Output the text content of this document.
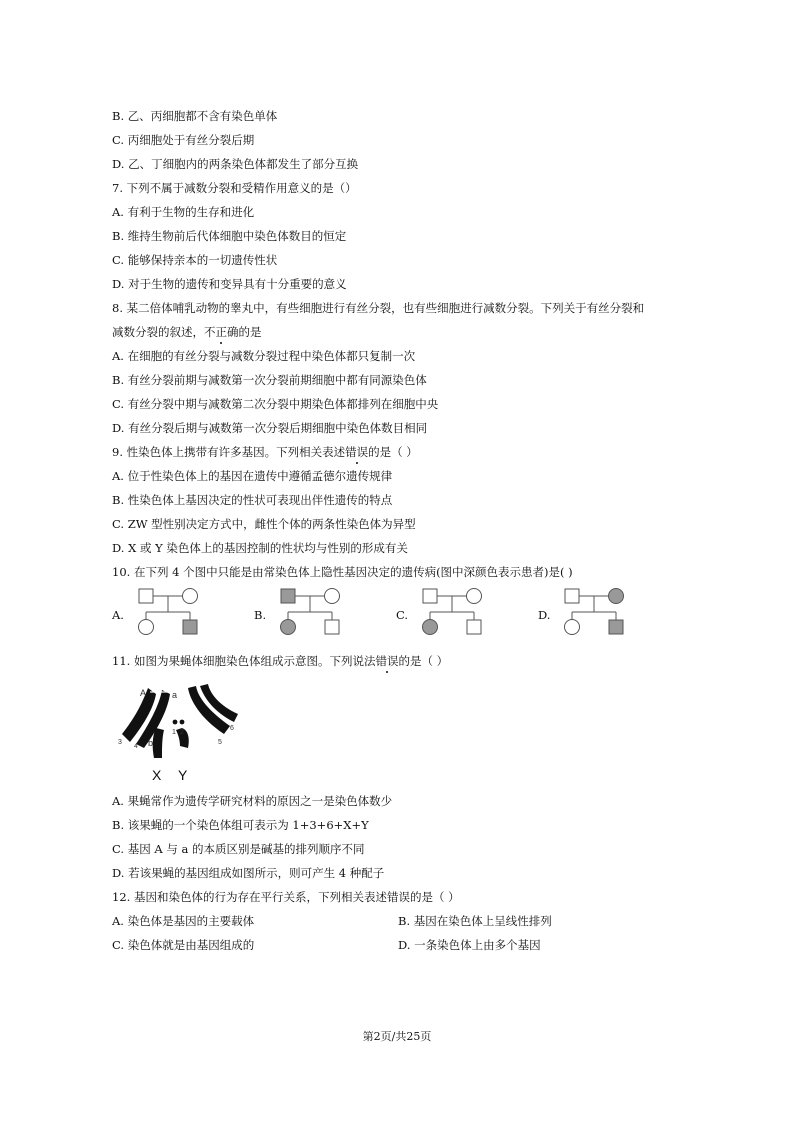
B. 乙、丙细胞都不含有染色单体
C. 丙细胞处于有丝分裂后期
D. 乙、丁细胞内的两条染色体都发生了部分互换
7. 下列不属于减数分裂和受精作用意义的是（）
A. 有利于生物的生存和进化
B. 维持生物前后代体细胞中染色体数目的恒定
C. 能够保持亲本的一切遗传性状
D. 对于生物的遗传和变异具有十分重要的意义
8. 某二倍体哺乳动物的睾丸中，有些细胞进行有丝分裂，也有些细胞进行减数分裂。下列关于有丝分裂和
减数分裂的叙述，不正确的是
A. 在细胞的有丝分裂与减数分裂过程中染色体都只复制一次
B. 有丝分裂前期与减数第一次分裂前期细胞中都有同源染色体
C. 有丝分裂中期与减数第二次分裂中期染色体都排列在细胞中央
D. 有丝分裂后期与减数第一次分裂后期细胞中染色体数目相同
9. 性染色体上携带有许多基因。下列相关表述错误的是（ ）
A. 位于性染色体上的基因在遗传中遵循孟德尔遗传规律
B. 性染色体上基因决定的性状可表现出伴性遗传的特点
C. ZW 型性别决定方式中，雌性个体的两条性染色体为异型
D. X 或 Y 染色体上的基因控制的性状均与性别的形成有关
10. 在下列 4 个图中只能是由常染色体上隐性基因决定的遗传病(图中深颜色表示患者)是( )
A.	B.	C.	D.
11. 如图为果蝇体细胞染色体组成示意图。下列说法错误的是（ ）
A	a
1 2
3
4
5
6
b
X Y
A. 果蝇常作为遗传学研究材料的原因之一是染色体数少
B. 该果蝇的一个染色体组可表示为 1+3+6+X+Y
C. 基因 A 与 a 的本质区别是碱基的排列顺序不同
D. 若该果蝇的基因组成如图所示，则可产生 4 种配子
12. 基因和染色体的行为存在平行关系，下列相关表述错误的是（ ）
A. 染色体是基因的主要载体	B. 基因在染色体上呈线性排列
C. 染色体就是由基因组成的	D. 一条染色体上由多个基因
第2页/共25页
